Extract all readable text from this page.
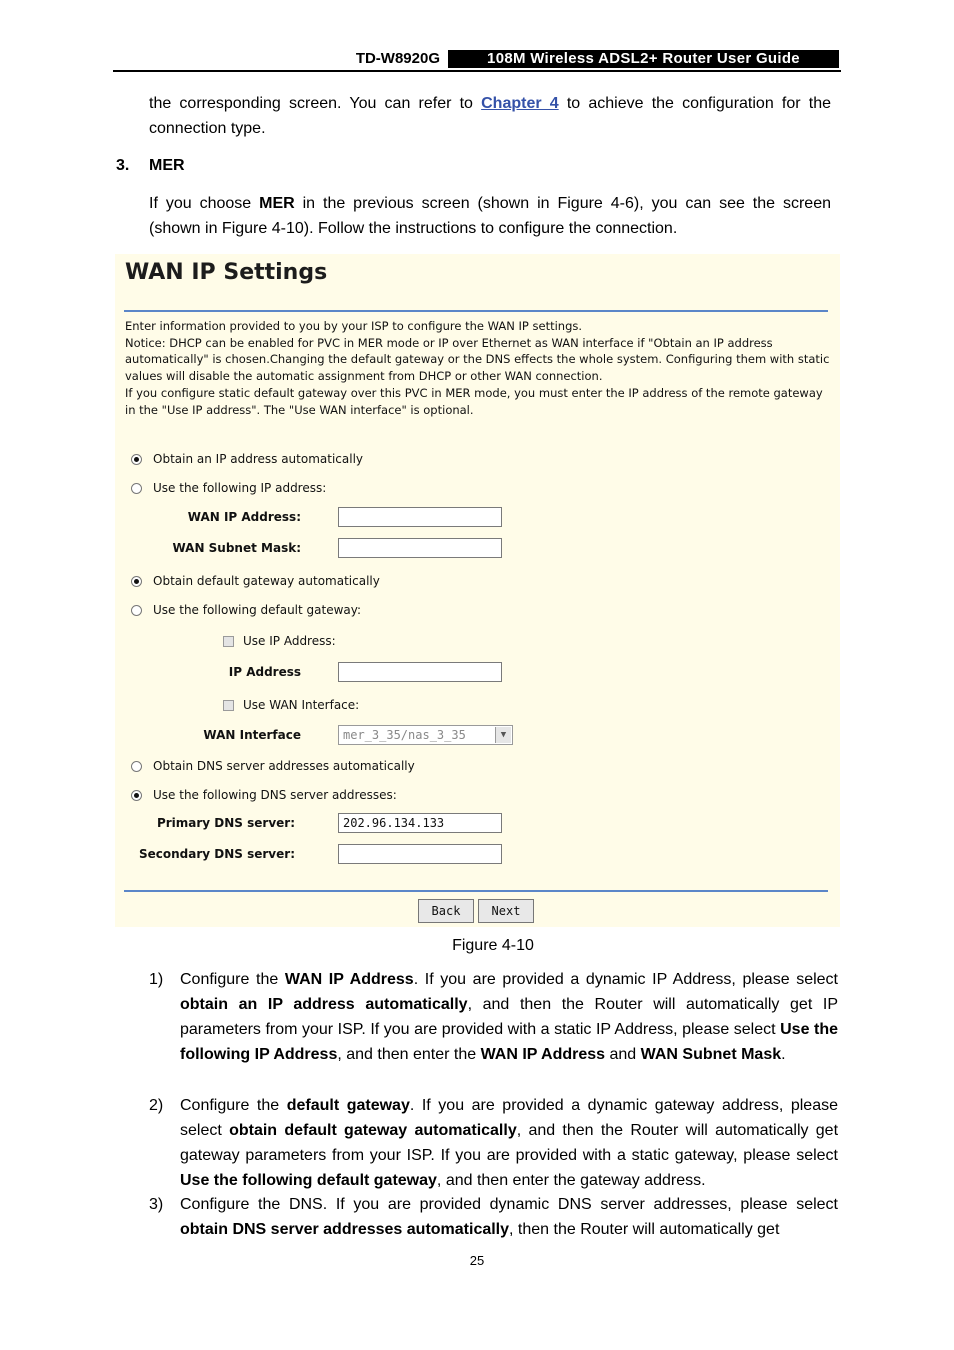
TD-W8920G	108M Wireless ADSL2+ Router User Guide
the corresponding screen. You can refer to Chapter 4 to achieve the configuration for the connection type.
3. MER
If you choose MER in the previous screen (shown in Figure 4-6), you can see the screen (shown in Figure 4-10). Follow the instructions to configure the connection.
WAN IP Settings
Enter information provided to you by your ISP to configure the WAN IP settings.
Notice: DHCP can be enabled for PVC in MER mode or IP over Ethernet as WAN interface if "Obtain an IP address automatically" is chosen.Changing the default gateway or the DNS effects the whole system. Configuring them with static values will disable the automatic assignment from DHCP or other WAN connection.
If you configure static default gateway over this PVC in MER mode, you must enter the IP address of the remote gateway in the "Use IP address". The "Use WAN interface" is optional.
Obtain an IP address automatically
Use the following IP address:
WAN IP Address:
WAN Subnet Mask:
Obtain default gateway automatically
Use the following default gateway:
Use IP Address:
IP Address
Use WAN Interface:
WAN Interface	mer_3_35/nas_3_35	▼
Obtain DNS server addresses automatically
Use the following DNS server addresses:
Primary DNS server:	202.96.134.133
Secondary DNS server:
Back	Next
Figure 4-10
1) Configure the WAN IP Address. If you are provided a dynamic IP Address, please select obtain an IP address automatically, and then the Router will automatically get IP parameters from your ISP. If you are provided with a static IP Address, please select Use the following IP Address, and then enter the WAN IP Address and WAN Subnet Mask.
2) Configure the default gateway. If you are provided a dynamic gateway address, please select obtain default gateway automatically, and then the Router will automatically get gateway parameters from your ISP. If you are provided with a static gateway, please select Use the following default gateway, and then enter the gateway address.
3) Configure the DNS. If you are provided dynamic DNS server addresses, please select obtain DNS server addresses automatically, then the Router will automatically get
25
